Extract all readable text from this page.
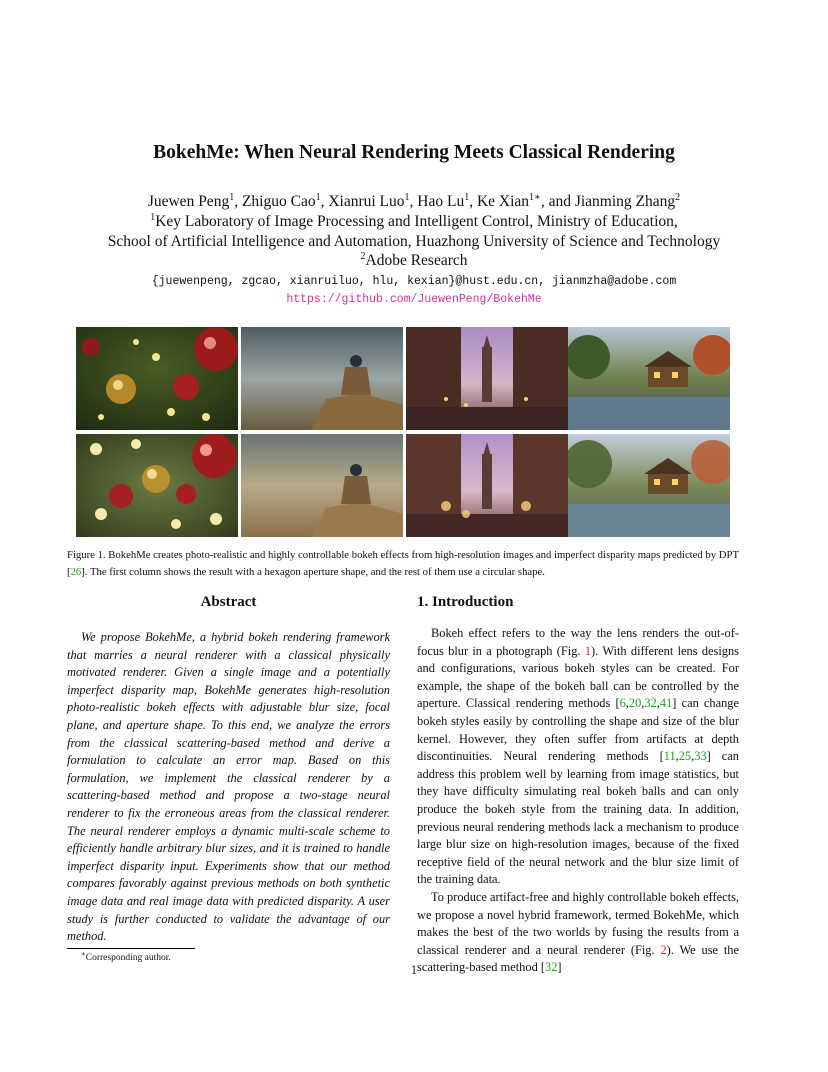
BokehMe: When Neural Rendering Meets Classical Rendering
Juewen Peng$^1$, Zhiguo Cao$^1$, Xianrui Luo$^1$, Hao Lu$^1$, Ke Xian$^{1∗}$, and Jianming Zhang$^2$
$^1$Key Laboratory of Image Processing and Intelligent Control, Ministry of Education,
School of Artificial Intelligence and Automation, Huazhong University of Science and Technology
$^2$Adobe Research
{juewenpeng, zgcao, xianruiluo, hlu, kexian}@hust.edu.cn, jianmzha@adobe.com
https://github.com/JuewenPeng/BokehMe
Figure 1. BokehMe creates photo-realistic and highly controllable bokeh effects from high-resolution images and imperfect disparity maps predicted by DPT [26]. The first column shows the result with a hexagon aperture shape, and the rest of them use a circular shape.
Abstract	1. Introduction
We propose BokehMe, a hybrid bokeh rendering framework that marries a neural renderer with a classical physically motivated renderer. Given a single image and a potentially imperfect disparity map, BokehMe generates high-resolution photo-realistic bokeh effects with adjustable blur size, focal plane, and aperture shape. To this end, we analyze the errors from the classical scattering-based method and derive a formulation to calculate an error map. Based on this formulation, we implement the classical renderer by a scattering-based method and propose a two-stage neural renderer to fix the erroneous areas from the classical renderer. The neural renderer employs a dynamic multi-scale scheme to efficiently handle arbitrary blur sizes, and it is trained to handle imperfect disparity input. Experiments show that our method compares favorably against previous methods on both synthetic image data and real image data with predicted disparity. A user study is further conducted to validate the advantage of our method.

Bokeh effect refers to the way the lens renders the out-of-focus blur in a photograph (Fig. 1). With different lens designs and configurations, various bokeh styles can be created. For example, the shape of the bokeh ball can be controlled by the aperture. Classical rendering methods [6,20,32,41] can change bokeh styles easily by controlling the shape and size of the blur kernel. However, they often suffer from artifacts at depth discontinuities. Neural rendering methods [11,25,33] can address this problem well by learning from image statistics, but they have difficulty simulating real bokeh balls and can only produce the bokeh style from the training data. In addition, previous neural rendering methods lack a mechanism to produce large blur size on high-resolution images, because of the fixed receptive field of the neural network and the blur size limit of the training data.

To produce artifact-free and highly controllable bokeh effects, we propose a novel hybrid framework, termed BokehMe, which makes the best of the two worlds by fusing the results from a classical renderer and a neural renderer (Fig. 2). We use the scattering-based method [32]

∗Corresponding author.
1
